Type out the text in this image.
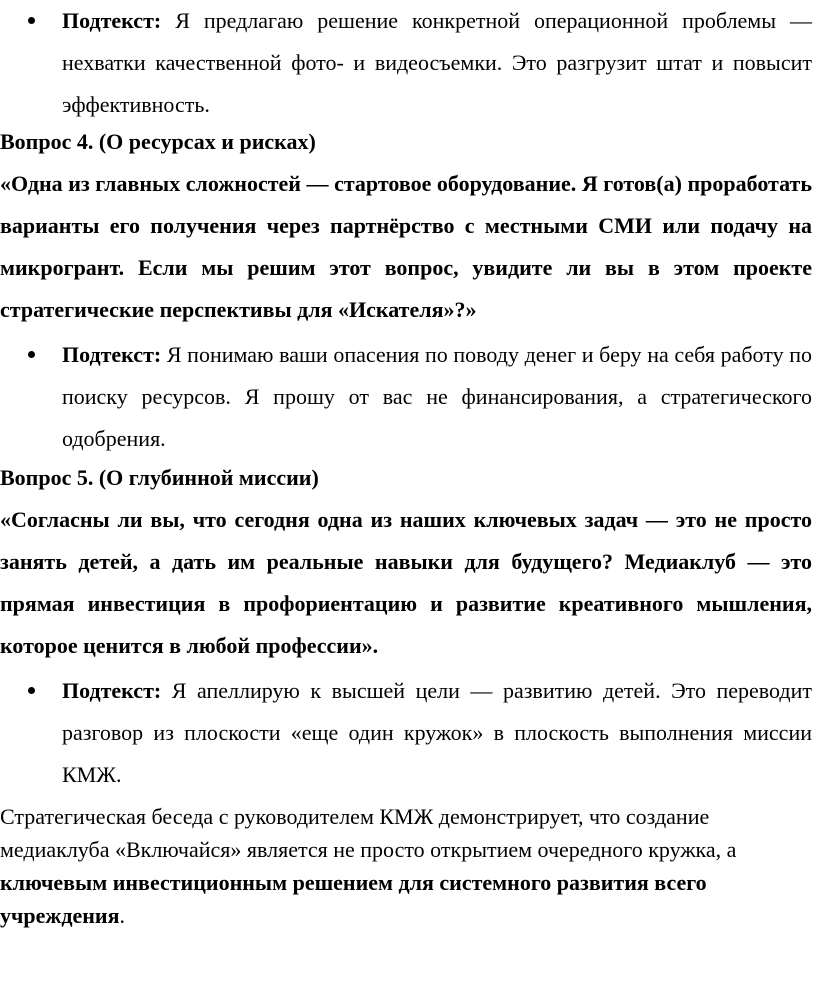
Подтекст: Я предлагаю решение конкретной операционной проблемы — нехватки качественной фото- и видеосъемки. Это разгрузит штат и повысит эффективность.
Вопрос 4. (О ресурсах и рисках)
«Одна из главных сложностей — стартовое оборудование. Я готов(а) проработать варианты его получения через партнёрство с местными СМИ или подачу на микрогрант. Если мы решим этот вопрос, увидите ли вы в этом проекте стратегические перспективы для «Искателя»?»
Подтекст: Я понимаю ваши опасения по поводу денег и беру на себя работу по поиску ресурсов. Я прошу от вас не финансирования, а стратегического одобрения.
Вопрос 5. (О глубинной миссии)
«Согласны ли вы, что сегодня одна из наших ключевых задач — это не просто занять детей, а дать им реальные навыки для будущего? Медиаклуб — это прямая инвестиция в профориентацию и развитие креативного мышления, которое ценится в любой профессии».
Подтекст: Я апеллирую к высшей цели — развитию детей. Это переводит разговор из плоскости «еще один кружок» в плоскость выполнения миссии КМЖ.
Стратегическая беседа с руководителем КМЖ демонстрирует, что создание медиаклуба «Включайся» является не просто открытием очередного кружка, а ключевым инвестиционным решением для системного развития всего учреждения.
